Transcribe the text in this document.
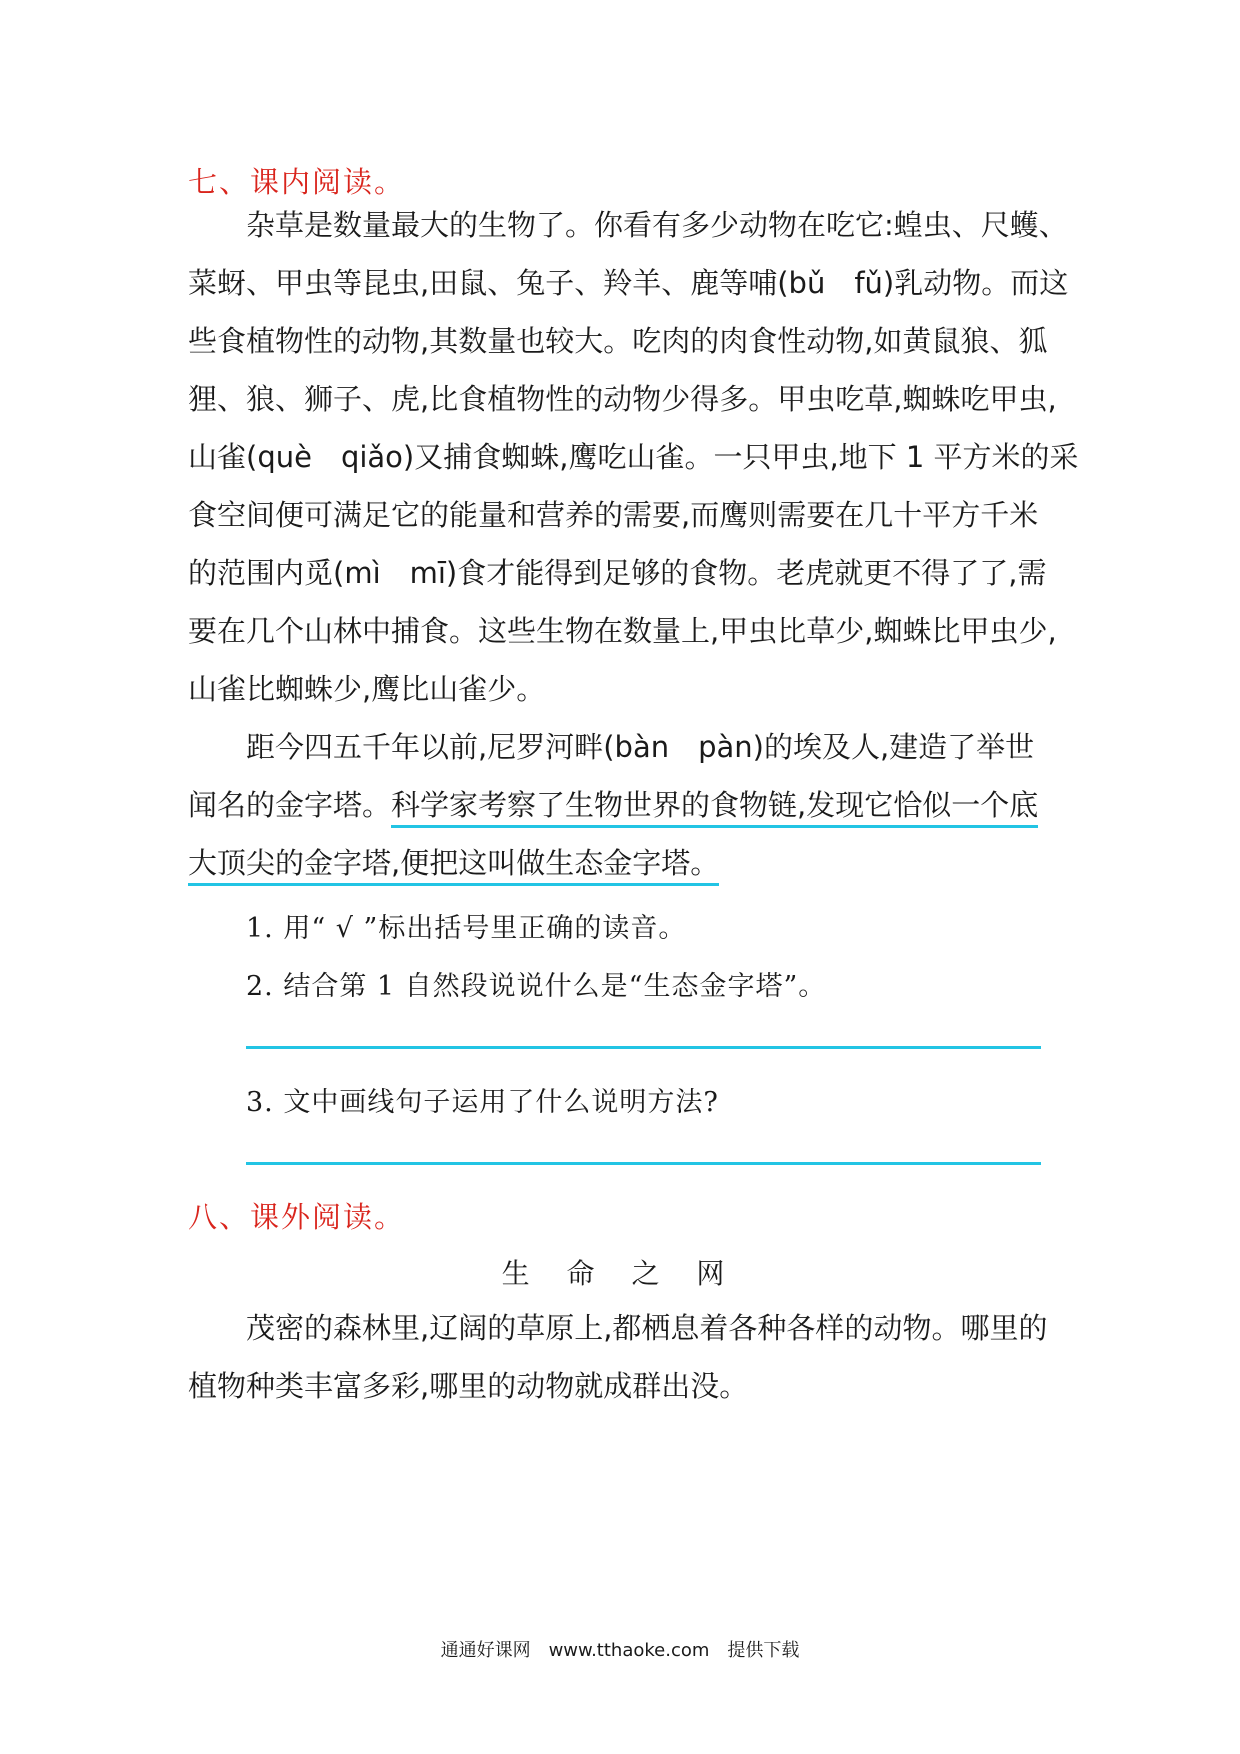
七、课内阅读。
杂草是数量最大的生物了。你看有多少动物在吃它:蝗虫、尺蠖、
菜蚜、甲虫等昆虫,田鼠、兔子、羚羊、鹿等哺(bǔ　fǔ)乳动物。而这
些食植物性的动物,其数量也较大。吃肉的肉食性动物,如黄鼠狼、狐
狸、狼、狮子、虎,比食植物性的动物少得多。甲虫吃草,蜘蛛吃甲虫,
山雀(què　qiǎo)又捕食蜘蛛,鹰吃山雀。一只甲虫,地下 1 平方米的采
食空间便可满足它的能量和营养的需要,而鹰则需要在几十平方千米
的范围内觅(mì　mī)食才能得到足够的食物。老虎就更不得了了,需
要在几个山林中捕食。这些生物在数量上,甲虫比草少,蜘蛛比甲虫少,
山雀比蜘蛛少,鹰比山雀少。
距今四五千年以前,尼罗河畔(bàn　pàn)的埃及人,建造了举世
闻名的金字塔。科学家考察了生物世界的食物链,发现它恰似一个底
大顶尖的金字塔,便把这叫做生态金字塔。
1. 用“ √ ”标出括号里正确的读音。
2. 结合第 1 自然段说说什么是“生态金字塔”。
3. 文中画线句子运用了什么说明方法?
八、课外阅读。
生 命 之 网
茂密的森林里,辽阔的草原上,都栖息着各种各样的动物。哪里的
植物种类丰富多彩,哪里的动物就成群出没。
通通好课网　www.tthaoke.com　提供下载
